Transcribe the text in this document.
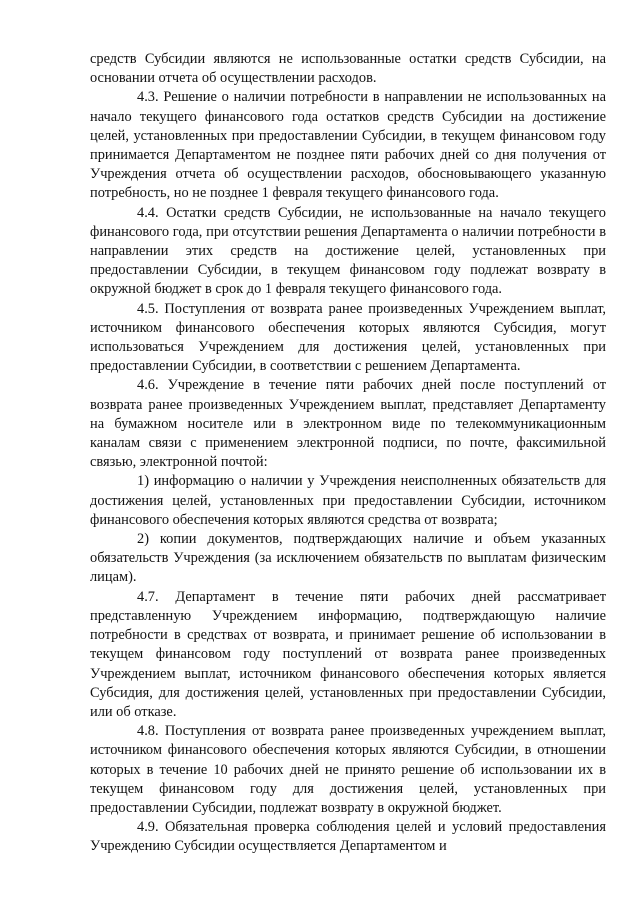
средств Субсидии являются не использованные остатки средств Субсидии, на основании отчета об осуществлении расходов.

4.3. Решение о наличии потребности в направлении не использованных на начало текущего финансового года остатков средств Субсидии на достижение целей, установленных при предоставлении Субсидии, в текущем финансовом году принимается Департаментом не позднее пяти рабочих дней со дня получения от Учреждения отчета об осуществлении расходов, обосновывающего указанную потребность, но не позднее 1 февраля текущего финансового года.

4.4. Остатки средств Субсидии, не использованные на начало текущего финансового года, при отсутствии решения Департамента о наличии потребности в направлении этих средств на достижение целей, установленных при предоставлении Субсидии, в текущем финансовом году подлежат возврату в окружной бюджет в срок до 1 февраля текущего финансового года.

4.5. Поступления от возврата ранее произведенных Учреждением выплат, источником финансового обеспечения которых являются Субсидия, могут использоваться Учреждением для достижения целей, установленных при предоставлении Субсидии, в соответствии с решением Департамента.

4.6. Учреждение в течение пяти рабочих дней после поступлений от возврата ранее произведенных Учреждением выплат, представляет Департаменту на бумажном носителе или в электронном виде по телекоммуникационным каналам связи с применением электронной подписи, по почте, факсимильной связью, электронной почтой:

1) информацию о наличии у Учреждения неисполненных обязательств для достижения целей, установленных при предоставлении Субсидии, источником финансового обеспечения которых являются средства от возврата;

2) копии документов, подтверждающих наличие и объем указанных обязательств Учреждения (за исключением обязательств по выплатам физическим лицам).

4.7. Департамент в течение пяти рабочих дней рассматривает представленную Учреждением информацию, подтверждающую наличие потребности в средствах от возврата, и принимает решение об использовании в текущем финансовом году поступлений от возврата ранее произведенных Учреждением выплат, источником финансового обеспечения которых является Субсидия, для достижения целей, установленных при предоставлении Субсидии, или об отказе.

4.8. Поступления от возврата ранее произведенных учреждением выплат, источником финансового обеспечения которых являются Субсидии, в отношении которых в течение 10 рабочих дней не принято решение об использовании их в текущем финансовом году для достижения целей, установленных при предоставлении Субсидии, подлежат возврату в окружной бюджет.

4.9. Обязательная проверка соблюдения целей и условий предоставления Учреждению Субсидии осуществляется Департаментом и
